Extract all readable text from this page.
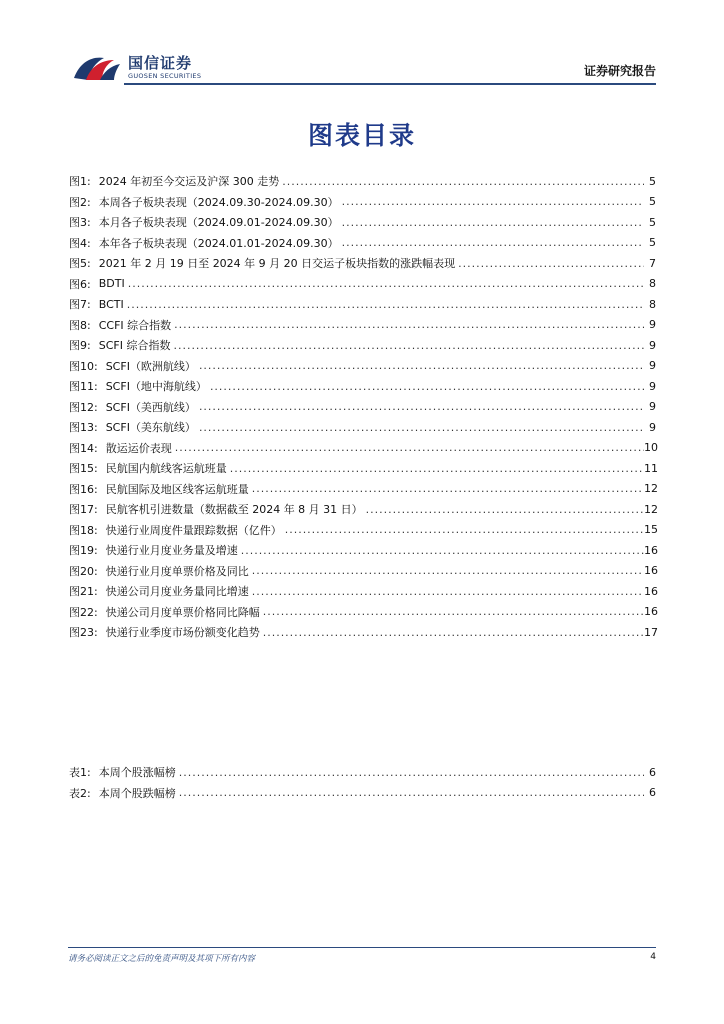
国信证券
GUOSEN SECURITIES	证券研究报告
图表目录
图1: 2024 年初至今交运及沪深 300 走势 .....	5
图2: 本周各子板块表现（2024.09.30-2024.09.30） .....	5
图3: 本月各子板块表现（2024.09.01-2024.09.30） .....	5
图4: 本年各子板块表现（2024.01.01-2024.09.30） .....	5
图5: 2021 年 2 月 19 日至 2024 年 9 月 20 日交运子板块指数的涨跌幅表现 .....	7
图6: BDTI .....	8
图7: BCTI .....	8
图8: CCFI 综合指数 .....	9
图9: SCFI 综合指数 .....	9
图10: SCFI（欧洲航线） .....	9
图11: SCFI（地中海航线） .....	9
图12: SCFI（美西航线） .....	9
图13: SCFI（美东航线） .....	9
图14: 散运运价表现 .....	10
图15: 民航国内航线客运航班量 .....	11
图16: 民航国际及地区线客运航班量 .....	12
图17: 民航客机引进数量（数据截至 2024 年 8 月 31 日） .....	12
图18: 快递行业周度件量跟踪数据（亿件） .....	15
图19: 快递行业月度业务量及增速 .....	16
图20: 快递行业月度单票价格及同比 .....	16
图21: 快递公司月度业务量同比增速 .....	16
图22: 快递公司月度单票价格同比降幅 .....	16
图23: 快递行业季度市场份额变化趋势 .....	17
表1: 本周个股涨幅榜 .....	6
表2: 本周个股跌幅榜 .....	6
请务必阅读正文之后的免责声明及其项下所有内容	4
